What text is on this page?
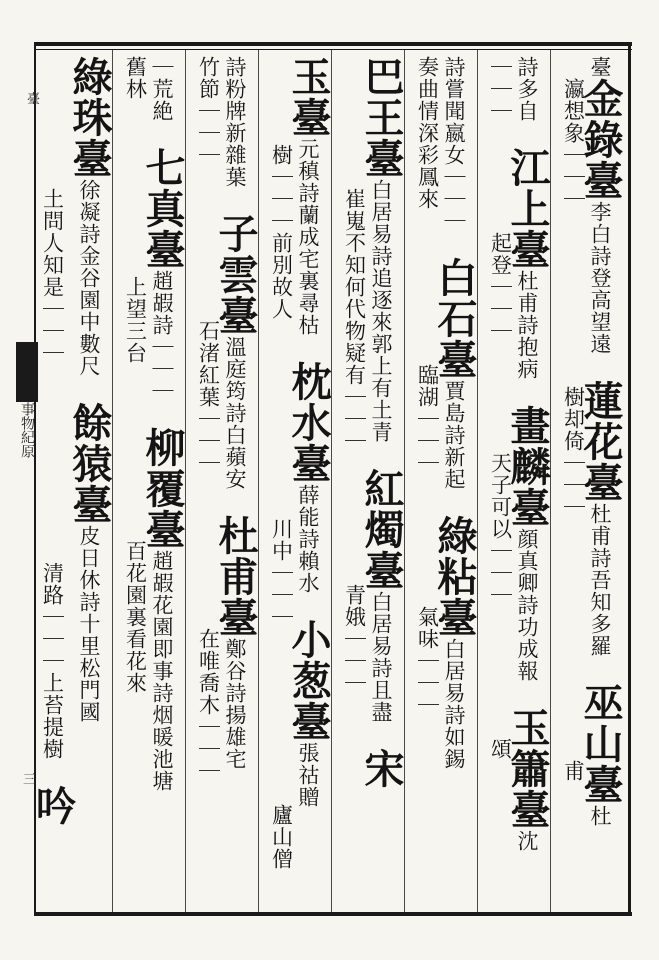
臺
事物紀原
三
臺金錄臺李白詩登高望遠 蓮花臺杜甫詩吾知多羅 巫山臺杜
　瀛想象｜｜｜　　　　　　　　樹却倚｜｜｜　　　　　　　　　　　甫
詩多自 江上臺杜甫詩抱病 畫麟臺顔真卿詩功成報 玉簫臺沈
｜｜｜　　　　　起登｜｜｜　　　　　天子可以｜｜｜　　　　　　頌
詩嘗聞嬴女｜｜｜ 白石臺賈島詩新起 綠粘臺白居易詩如錫
奏曲情深彩鳳來　　　　　　　臨湖｜｜｜　　　　　　氣味｜｜｜
巴王臺白居易詩追逐來郭上有土青 紅燭臺白居易詩且盡 宋
　　　　　　崔嵬不知何代物疑有｜｜｜　　　　　　青娥｜｜｜
玉臺元稹詩蘭成宅裏尋枯 枕水臺薛能詩賴水 小葱臺張祜贈
　　　　樹｜｜｜前別故人　　　　　　　　　川中｜｜｜　　　　　　　　廬山僧
詩粉牌新雜葉 子雲臺溫庭筠詩白蘋安 杜甫臺鄭谷詩揚雄宅
竹節｜｜｜　　　　　　　石渚紅葉｜｜｜　　　　　　　在唯喬木｜｜｜
｜荒絶 七真臺趙嘏詩｜｜｜ 柳覆臺趙嘏花園即事詩烟暖池塘
舊林　　　　　　　　上望三台　　　　　　　　百花園裏看花來
綠珠臺徐凝詩金谷園中數尺 餘猿臺皮日休詩十里松門國
　　　　　　土問人知是｜｜｜　　　　　　　　　清路｜｜｜上苔提樹 吟
